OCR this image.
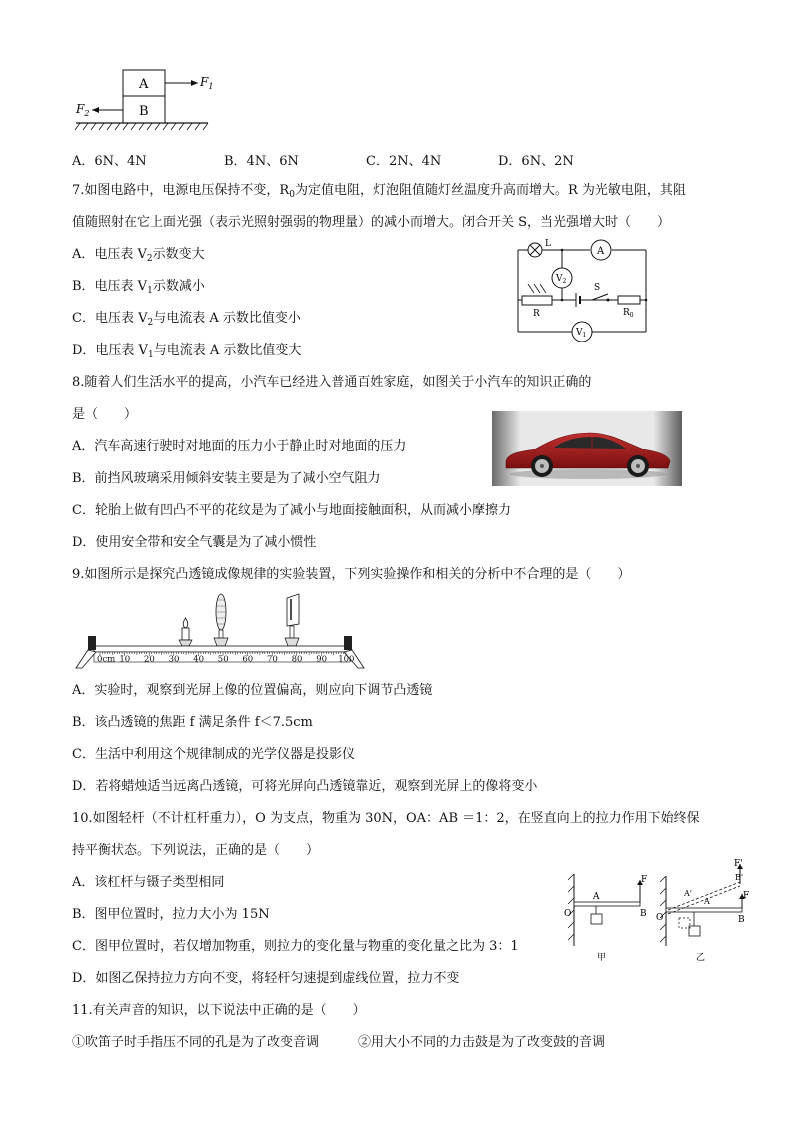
A
B
$F_1$
$F_2$
A．6N、4N	B．4N、6N	C．2N、4N	D．6N、2N
7.如图电路中，电源电压保持不变，$R_0$为定值电阻，灯泡阻值随灯丝温度升高而增大。R 为光敏电阻，其阻
值随照射在它上面光强（表示光照射强弱的物理量）的减小而增大。闭合开关 S，当光强增大时（　　）
A．电压表 $V_2$示数变大
B．电压表 $V_1$示数减小
C．电压表 $V_2$与电流表 A 示数比值变小
D．电压表 $V_1$与电流表 A 示数比值变大
L
A
$V_2$
R
S
$R_0$
$V_1$
8.随着人们生活水平的提高，小汽车已经进入普通百姓家庭，如图关于小汽车的知识正确的
是（　　）
A．汽车高速行驶时对地面的压力小于静止时对地面的压力
B．前挡风玻璃采用倾斜安装主要是为了减小空气阻力
C．轮胎上做有凹凸不平的花纹是为了减小与地面接触面积，从而减小摩擦力
D．使用安全带和安全气囊是为了减小惯性
9.如图所示是探究凸透镜成像规律的实验装置，下列实验操作和相关的分析中不合理的是（　　）
0cm 10 20 30 40 50 60 70 80 90 100
A．实验时，观察到光屏上像的位置偏高，则应向下调节凸透镜
B．该凸透镜的焦距 f 满足条件 f＜7.5cm
C．生活中利用这个规律制成的光学仪器是投影仪
D．若将蜡烛适当远离凸透镜，可将光屏向凸透镜靠近，观察到光屏上的像将变小
10.如图轻杆（不计杠杆重力），O 为支点，物重为 30N，OA：AB ＝1：2，在竖直向上的拉力作用下始终保
持平衡状态。下列说法，正确的是（　　）
A．该杠杆与镊子类型相同
B．图甲位置时，拉力大小为 15N
C．图甲位置时，若仅增加物重，则拉力的变化量与物重的变化量之比为 3：1
D．如图乙保持拉力方向不变，将轻杆匀速提到虚线位置，拉力不变
F
O
A
B
甲
F
F'
B'
A'
A
B
O
乙
11.有关声音的知识，以下说法中正确的是（　　）
①吹笛子时手指压不同的孔是为了改变音调	②用大小不同的力击鼓是为了改变鼓的音调
